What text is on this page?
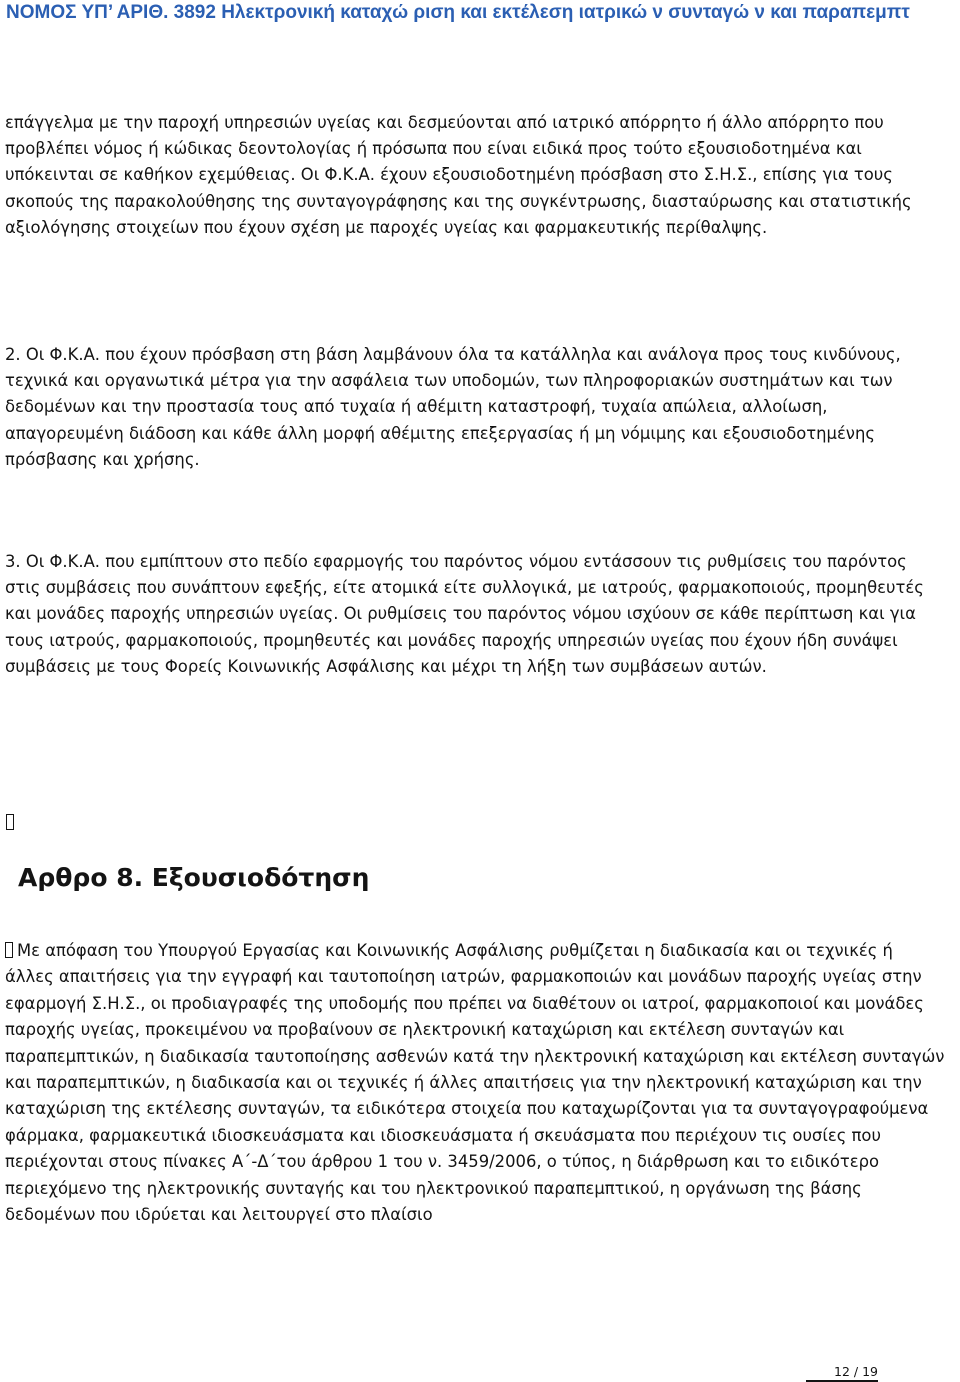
ΝΟΜΟΣ ΥΠ’ ΑΡΙΘ. 3892 Ηλεκτρονική καταχώ ριση και εκτέλεση ιατρικώ ν συνταγώ ν και παραπεμπτ

επάγγελμα με την παροχή υπηρεσιών υγείας και δεσμεύονται από ιατρικό απόρρητο ή άλλο απόρρητο που προβλέπει νόμος ή κώδικας δεοντολογίας ή πρόσωπα που είναι ειδικά προς τούτο εξουσιοδοτημένα και υπόκεινται σε καθήκον εχεμύθειας. Οι Φ.Κ.Α. έχουν εξουσιοδοτημένη πρόσβαση στο Σ.Η.Σ., επίσης για τους σκοπούς της παρακολούθησης της συνταγογράφησης και της συγκέντρωσης, διασταύρωσης και στατιστικής αξιολόγησης στοιχείων που έχουν σχέση με παροχές υγείας και φαρμακευτικής περίθαλψης.

2. Οι Φ.Κ.Α. που έχουν πρόσβαση στη βάση λαμβάνουν όλα τα κατάλληλα και ανάλογα προς τους κινδύνους, τεχνικά και οργανωτικά μέτρα για την ασφάλεια των υποδομών, των πληροφοριακών συστημάτων και των δεδομένων και την προστασία τους από τυχαία ή αθέμιτη καταστροφή, τυχαία απώλεια, αλλοίωση, απαγορευμένη διάδοση και κάθε άλλη μορφή αθέμιτης επεξεργασίας ή μη νόμιμης και εξουσιοδοτημένης πρόσβασης και χρήσης.

3. Οι Φ.Κ.Α. που εμπίπτουν στο πεδίο εφαρμογής του παρόντος νόμου εντάσσουν τις ρυθμίσεις του παρόντος στις συμβάσεις που συνάπτουν εφεξής, είτε ατομικά είτε συλλογικά, με ιατρούς, φαρμακοποιούς, προμηθευτές και μονάδες παροχής υπηρεσιών υγείας. Οι ρυθμίσεις του παρόντος νόμου ισχύουν σε κάθε περίπτωση και για τους ιατρούς, φαρμακοποιούς, προμηθευτές και μονάδες παροχής υπηρεσιών υγείας που έχουν ήδη συνάψει συμβάσεις με τους Φορείς Κοινωνικής Ασφάλισης και μέχρι τη λήξη των συμβάσεων αυτών.

Αρθρο 8. Εξουσιοδότηση

Με απόφαση του Υπουργού Εργασίας και Κοινωνικής Ασφάλισης ρυθμίζεται η διαδικασία και οι τεχνικές ή άλλες απαιτήσεις για την εγγραφή και ταυτοποίηση ιατρών, φαρμακοποιών και μονάδων παροχής υγείας στην εφαρμογή Σ.Η.Σ., οι προδιαγραφές της υποδομής που πρέπει να διαθέτουν οι ιατροί, φαρμακοποιοί και μονάδες παροχής υγείας, προκειμένου να προβαίνουν σε ηλεκτρονική καταχώριση και εκτέλεση συνταγών και παραπεμπτικών, η διαδικασία ταυτοποίησης ασθενών κατά την ηλεκτρονική καταχώριση και εκτέλεση συνταγών και παραπεμπτικών, η διαδικασία και οι τεχνικές ή άλλες απαιτήσεις για την ηλεκτρονική καταχώριση και την καταχώριση της εκτέλεσης συνταγών, τα ειδικότερα στοιχεία που καταχωρίζονται για τα συνταγογραφούμενα φάρμακα, φαρμακευτικά ιδιοσκευάσματα και ιδιοσκευάσματα ή σκευάσματα που περιέχουν τις ουσίες που περιέχονται στους πίνακες Α΄-Δ΄του άρθρου 1 του ν. 3459/2006, ο τύπος, η διάρθρωση και το ειδικότερο περιεχόμενο της ηλεκτρονικής συνταγής και του ηλεκτρονικού παραπεμπτικού, η οργάνωση της βάσης δεδομένων που ιδρύεται και λειτουργεί στο πλαίσιο

12 / 19
